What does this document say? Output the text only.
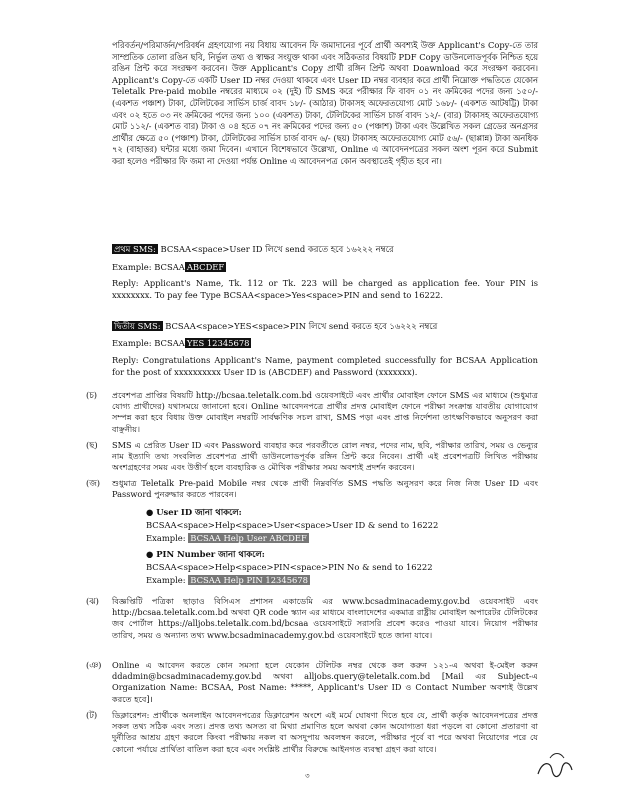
পরিবর্তন/পরিমার্জন/পরিবর্ধন গ্রহণযোগ্য নয় বিধায় আবেদন ফি জমাদানের পূর্বে প্রার্থী অবশ্যই উক্ত Applicant's Copy-তে তার সাম্প্রতিক তোলা রঙিন ছবি, নির্ভুল তথ্য ও স্বাক্ষর সংযুক্ত থাকা এবং সঠিকতার বিষয়টি PDF Copy ডাউনলোডপূর্বক নিশ্চিত হয়ে রঙিন প্রিন্ট করে সংরক্ষণ করবেন। উক্ত Applicant's Copy প্রার্থী রঙ্গিন প্রিন্ট অথবা Doawnload করে সংরক্ষণ করবেন। Applicant's Copy-তে একটি User ID নম্বর দেওয়া থাকবে এবং User ID নম্বর ব্যবহার করে প্রার্থী নিম্নোক্ত পদ্ধতিতে যেকোন Teletalk Pre-paid mobile নম্বরের মাধ্যমে ০২ (দুই) টি SMS করে পরীক্ষার ফি বাবদ ০১ নং ক্রমিকের পদের জন্য ১৫০/- (একশত পঞ্চাশ) টাকা, টেলিটকের সার্ভিস চার্জ বাবদ ১৮/- (আঠার) টাকাসহ অফেরতযোগ্য মোট ১৬৮/- (একশত আটষট্টি) টাকা এবং ০২ হতে ০৩ নং ক্রমিকের পদের জন্য ১০০ (একশত) টাকা, টেলিটকের সার্ভিস চার্জ বাবদ ১২/- (বার) টাকাসহ অফেরতযোগ্য মোট ১১২/- (একশত বার) টাকা ও ০৪ হতে ০৭ নং ক্রমিকের পদের জন্য ৫০ (পঞ্চাশ) টাকা এবং উল্লেখিত সকল গ্রেডের অনগ্রসর প্রার্থীর ক্ষেত্রে ৫০ (পঞ্চাশ) টাকা, টেলিটকের সার্ভিস চার্জ বাবদ ৬/- (ছয়) টাকাসহ অফেরতযোগ্য মোট ৫৬/- (ছাপ্পান্ন) টাকা অনধিক ৭২ (বাহাত্তর) ঘন্টার মধ্যে জমা দিবেন। এখানে বিশেষভাবে উল্লেখ্য, Online এ আবেদনপত্রের সকল অংশ পূরন করে Submit করা হলেও পরীক্ষার ফি জমা না দেওয়া পর্যন্ত Online এ আবেদনপত্র কোন অবস্থাতেই গৃহীত হবে না।
প্রথম SMS: BCSAA<space>User ID লিখে send করতে হবে ১৬২২২ নম্বরে
Example: BCSAA ABCDEF
Reply: Applicant's Name, Tk. 112 or Tk. 223 will be charged as application fee. Your PIN is xxxxxxxx. To pay fee Type BCSAA<space>Yes<space>PIN and send to 16222.
দ্বিতীয় SMS: BCSAA<space>YES<space>PIN লিখে send করতে হবে ১৬২২২ নম্বরে
Example: BCSAA YES 12345678
Reply: Congratulations Applicant's Name, payment completed successfully for BCSAA Application for the post of xxxxxxxxxx User ID is (ABCDEF) and Password (xxxxxxx).
(চ) প্রবেশপত্র প্রাপ্তির বিষয়টি http://bcsaa.teletalk.com.bd ওয়েবসাইটে এবং প্রার্থীর মোবাইল ফোনে SMS এর মাধ্যমে (শুধুমাত্র যোগ্য প্রার্থীদের) যথাসময়ে জানানো হবে। Online আবেদনপত্রে প্রার্থীর প্রদত্ত মোবাইল ফোনে পরীক্ষা সংক্রান্ত যাবতীয় যোগাযোগ সম্পন্ন করা হবে বিধায় উক্ত মোবাইল নম্বরটি সার্বক্ষণিক সচল রাখা, SMS পড়া এবং প্রাপ্ত নির্দেশনা তাৎক্ষণিকভাবে অনুসরণ করা বাঞ্ছনীয়।
(ছ) SMS এ প্রেরিত User ID এবং Password ব্যবহার করে পরবর্তীতে রোল নম্বর, পদের নাম, ছবি, পরীক্ষার তারিখ, সময় ও ভেন্যুর নাম ইত্যাদি তথ্য সংবলিত প্রবেশপত্র প্রার্থী ডাউনলোডপূর্বক রঙ্গিন প্রিন্ট করে নিবেন। প্রার্থী এই প্রবেশপত্রটি লিখিত পরীক্ষায় অংশগ্রহণের সময় এবং উত্তীর্ণ হলে ব্যবহারিক ও মৌখিক পরীক্ষার সময় অবশ্যই প্রদর্শন করবেন।
(জ) শুধুমাত্র Teletalk Pre-paid Mobile নম্বর থেকে প্রার্থী নিম্নবর্ণিত SMS পদ্ধতি অনুসরণ করে নিজ নিজ User ID এবং Password পুনরুদ্ধার করতে পারবেন।
● User ID জানা থাকলে:
BCSAA<space>Help<space>User<space>User ID & send to 16222
Example: BCSAA Help User ABCDEF
● PIN Number জানা থাকলে:
BCSAA<space>Help<space>PIN<space>PIN No & send to 16222
Example: BCSAA Help PIN 12345678
(ঝ) বিজ্ঞপ্তিটি পত্রিকা ছাড়াও বিসিএস প্রশাসন একাডেমি এর www.bcsadminacademy.gov.bd ওয়েবসাইট এবং http://bcsaa.teletalk.com.bd অথবা QR code স্ক্যান এর মাধ্যমে বাংলাদেশের একমাত্র রাষ্ট্রীয় মোবাইল অপারেটর টেলিটকের জব পোর্টাল https://alljobs.teletalk.com.bd/bcsaa ওয়েবসাইটে সরাসরি প্রবেশ করেও পাওয়া যাবে। নিয়োগ পরীক্ষার তারিখ, সময় ও অন্যান্য তথ্য www.bcsadminacademy.gov.bd ওয়েবসাইটে হতে জানা যাবে।
(ঞ) Online এ আবেদন করতে কোন সমস্যা হলে যেকোন টেলিটক নম্বর থেকে কল করুন ১২১-এ অথবা ই-মেইল করুন ddadmin@bcsadminacademy.gov.bd অথবা alljobs.query@teletalk.com.bd [Mail এর Subject-এ Organization Name: BCSAA, Post Name: *****, Applicant's User ID ও Contact Number অবশ্যই উল্লেখ করতে হবে]।
(ট) ডিক্লারেশন: প্রার্থীকে অনলাইন আবেদনপত্রের ডিক্লারেশন অংশে এই মর্মে ঘোষণা দিতে হবে যে, প্রার্থী কর্তৃক আবেদনপত্রের প্রদত্ত সকল তথ্য সঠিক এবং সত্য। প্রদত্ত তথ্য অসত্য বা মিথ্যা প্রমাণিত হলে অথবা কোন অযোগ্যতা ধরা পড়লে বা কোনো প্রতারণা বা দুর্নীতির আশ্রয় গ্রহণ করলে কিংবা পরীক্ষায় নকল বা অসদুপায় অবলম্বন করলে, পরীক্ষার পূর্বে বা পরে অথবা নিয়োগের পরে যে কোনো পর্যায়ে প্রার্থিতা বাতিল করা হবে এবং সংশ্লিষ্ট প্রার্থীর বিরুদ্ধে আইনগত ব্যবস্থা গ্রহণ করা যাবে।
৩
